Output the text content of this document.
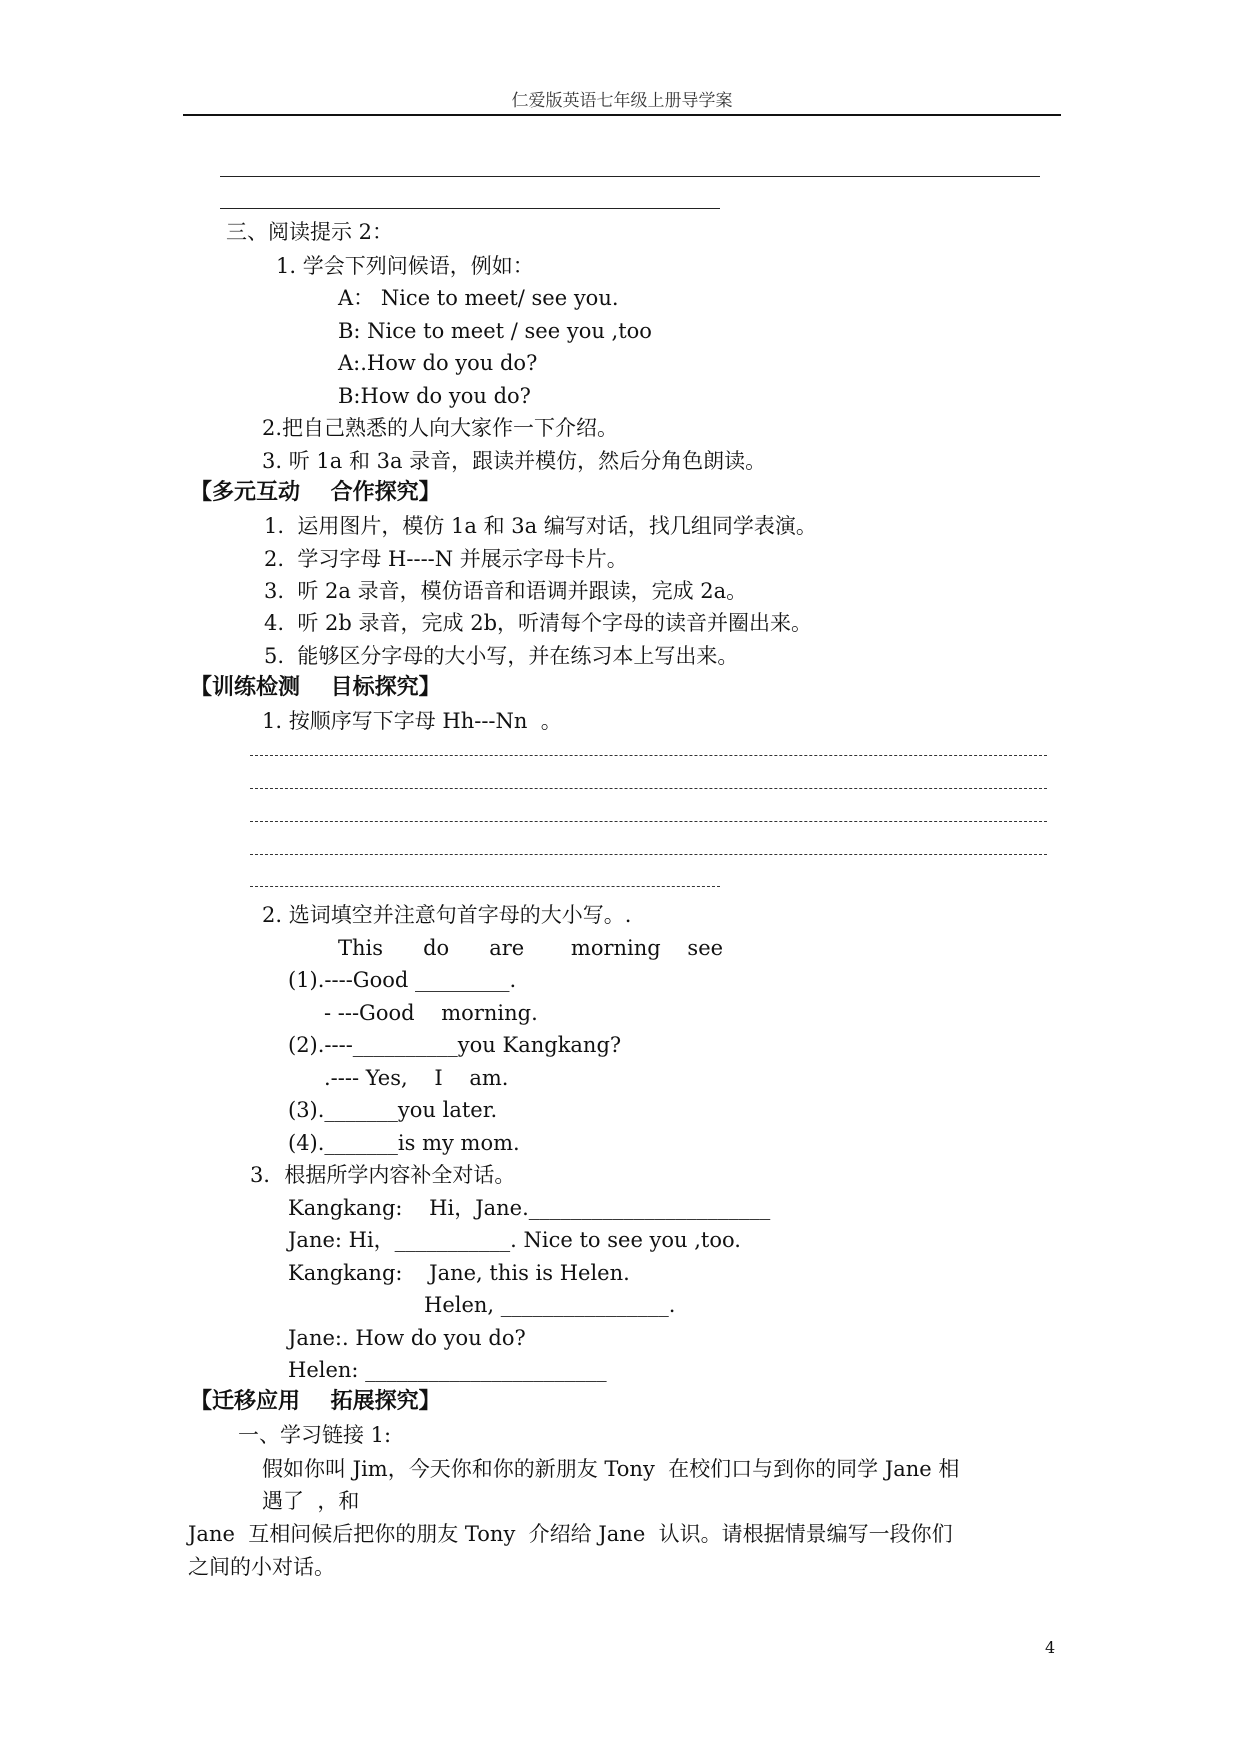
仁爱版英语七年级上册导学案
三、阅读提示 2：
1. 学会下列问候语，例如：
A： Nice to meet/ see you.
B: Nice to meet / see you ,too
A:.How do you do?
B:How do you do?
2.把自己熟悉的人向大家作一下介绍。
3. 听 1a 和 3a 录音，跟读并模仿，然后分角色朗读。
【多元互动    合作探究】
1.  运用图片，模仿 1a 和 3a 编写对话，找几组同学表演。
2.  学习字母 H----N 并展示字母卡片。
3.  听 2a 录音，模仿语音和语调并跟读，完成 2a。
4.  听 2b 录音，完成 2b，听清每个字母的读音并圈出来。
5.  能够区分字母的大小写，并在练习本上写出来。
【训练检测    目标探究】
1. 按顺序写下字母 Hh---Nn  。
2. 选词填空并注意句首字母的大小写。.
This      do      are       morning    see
(1).----Good _________.
- ---Good    morning.
(2).----__________you Kangkang?
.---- Yes,    I    am.
(3)._______you later.
(4)._______is my mom.
3．根据所学内容补全对话。
Kangkang:    Hi，Jane._______________________
Jane: Hi，___________. Nice to see you ,too.
Kangkang:    Jane, this is Helen.
Helen, ________________.
Jane:. How do you do?
Helen: _______________________
【迁移应用    拓展探究】
一、学习链接 1:
假如你叫 Jim，今天你和你的新朋友 Tony  在校们口与到你的同学 Jane 相
遇了  ，和
Jane  互相问候后把你的朋友 Tony  介绍给 Jane  认识。请根据情景编写一段你们
之间的小对话。
4
